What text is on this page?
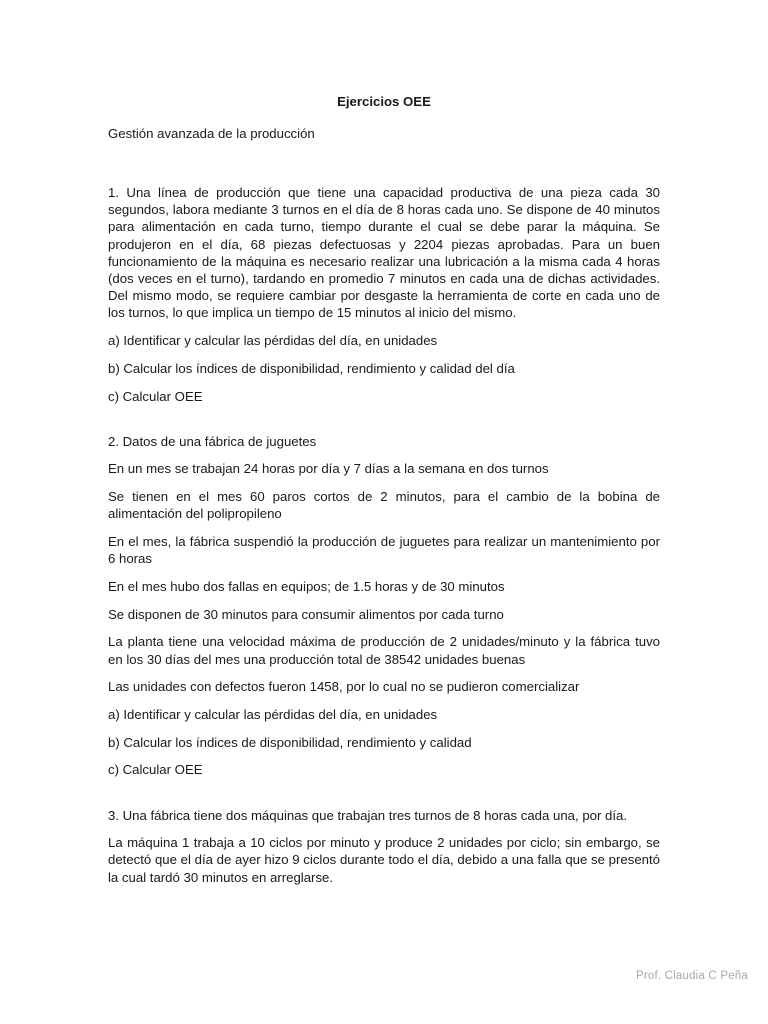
Ejercicios OEE
Gestión avanzada de la producción

1. Una línea de producción que tiene una capacidad productiva de una pieza cada 30 segundos, labora mediante 3 turnos en el día de 8 horas cada uno. Se dispone de 40 minutos para alimentación en cada turno, tiempo durante el cual se debe parar la máquina. Se produjeron en el día, 68 piezas defectuosas y 2204 piezas aprobadas. Para un buen funcionamiento de la máquina es necesario realizar una lubricación a la misma cada 4 horas (dos veces en el turno), tardando en promedio 7 minutos en cada una de dichas actividades. Del mismo modo, se requiere cambiar por desgaste la herramienta de corte en cada uno de los turnos, lo que implica un tiempo de 15 minutos al inicio del mismo.

a) Identificar y calcular las pérdidas del día, en unidades

b) Calcular los índices de disponibilidad, rendimiento y calidad del día

c) Calcular OEE

2. Datos de una fábrica de juguetes

En un mes se trabajan 24 horas por día y 7 días a la semana en dos turnos

Se tienen en el mes 60 paros cortos de 2 minutos, para el cambio de la bobina de alimentación del polipropileno

En el mes, la fábrica suspendió la producción de juguetes para realizar un mantenimiento por 6 horas

En el mes hubo dos fallas en equipos; de 1.5 horas y de 30 minutos

Se disponen de 30 minutos para consumir alimentos por cada turno

La planta tiene una velocidad máxima de producción de 2 unidades/minuto y la fábrica tuvo en los 30 días del mes una producción total de 38542 unidades buenas

Las unidades con defectos fueron 1458, por lo cual no se pudieron comercializar

a) Identificar y calcular las pérdidas del día, en unidades

b) Calcular los índices de disponibilidad, rendimiento y calidad

c) Calcular OEE

3. Una fábrica tiene dos máquinas que trabajan tres turnos de 8 horas cada una, por día.

La máquina 1 trabaja a 10 ciclos por minuto y produce 2 unidades por ciclo; sin embargo, se detectó que el día de ayer hizo 9 ciclos durante todo el día, debido a una falla que se presentó la cual tardó 30 minutos en arreglarse.

Prof. Claudia C Peña
